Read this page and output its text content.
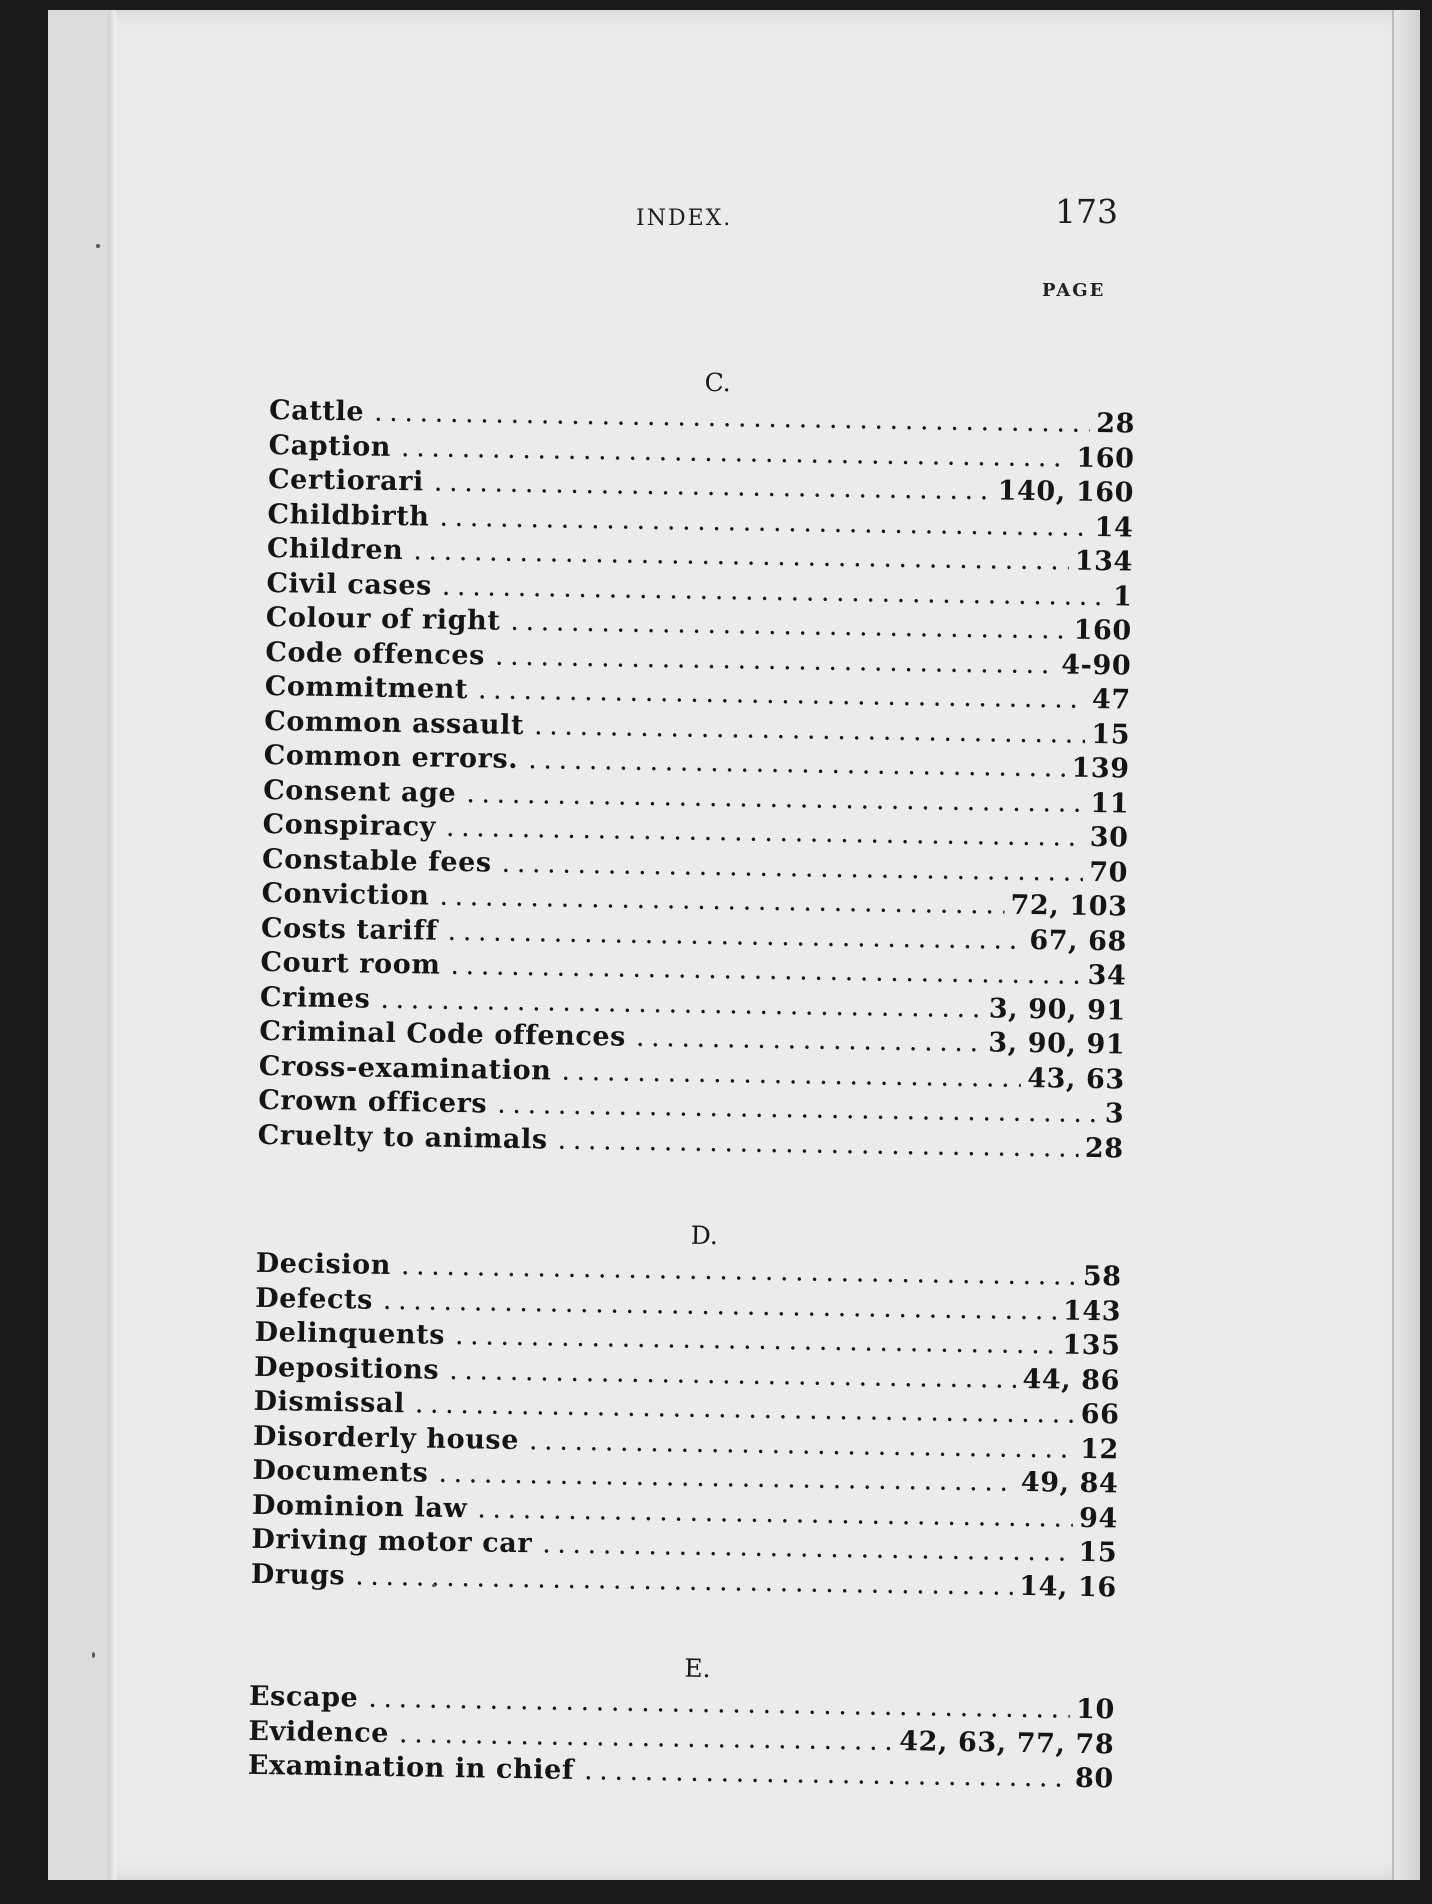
INDEX.	173
PAGE
C.
Cattle . . .	28
Caption . . .	160
Certiorari . . .	140, 160
Childbirth . . .	14
Children . . .	134
Civil cases . . .	1
Colour of right . . .	160
Code offences . . .	4-90
Commitment . . .	47
Common assault . . .	15
Common errors. . . .	139
Consent age . . .	11
Conspiracy . . .	30
Constable fees . . .	70
Conviction . . .	72, 103
Costs tariff . . .	67, 68
Court room . . .	34
Crimes . . .	3, 90, 91
Criminal Code offences . . .	3, 90, 91
Cross-examination . . .	43, 63
Crown officers . . .	3
Cruelty to animals . . .	28
D.
Decision . . .	58
Defects . . .	143
Delinquents . . .	135
Depositions . . .	44, 86
Dismissal . . .	66
Disorderly house . . .	12
Documents . . .	49, 84
Dominion law . . .	94
Driving motor car . . .	15
Drugs . . .	14, 16
E.
Escape . . .	10
Evidence . . .	42, 63, 77, 78
Examination in chief . . .	80
